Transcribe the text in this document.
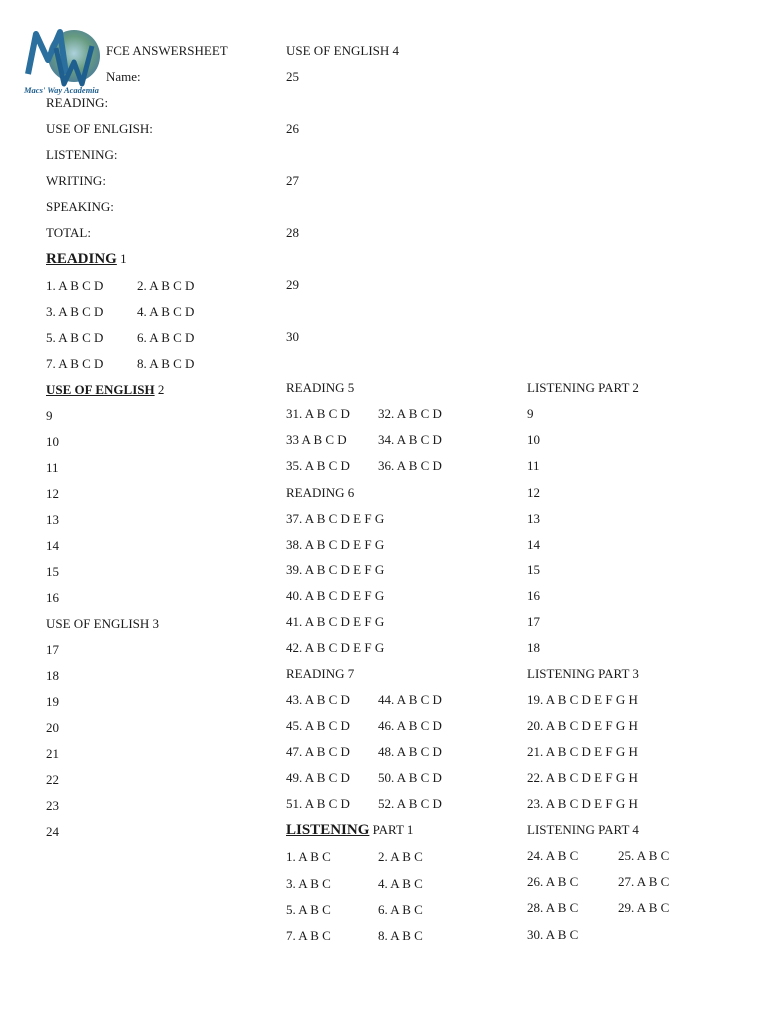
Macs' Way Academia
FCE ANSWERSHEET
Name:
READING:
USE OF ENLGISH:
LISTENING:
WRITING:
SPEAKING:
TOTAL:
READING 1
1. A B C D	2. A B C D
3. A B C D	4. A B C D
5. A B C D	6. A B C D
7. A B C D	8. A B C D
USE OF ENGLISH 2
9
10
11
12
13
14
15
16
USE OF ENGLISH 3
17
18
19
20
21
22
23
24
USE OF ENGLISH 4
25
26
27
28
29
30
READING 5
31. A B C D 32. A B C D
33 A B C D 34. A B C D
35. A B C D 36. A B C D
READING 6
37. A B C D E F G
38. A B C D E F G
39. A B C D E F G
40. A B C D E F G
41. A B C D E F G
42. A B C D E F G
READING 7
43. A B C D 44. A B C D
45. A B C D 46. A B C D
47. A B C D 48. A B C D
49. A B C D 50. A B C D
51. A B C D 52. A B C D
LISTENING PART 1
1. A B C	2. A B C
3. A B C	4. A B C
5. A B C	6. A B C
7. A B C	8. A B C
LISTENING PART 2
9
10
11
12
13
14
15
16
17
18
LISTENING PART 3
19. A B C D E F G H
20. A B C D E F G H
21. A B C D E F G H
22. A B C D E F G H
23. A B C D E F G H
LISTENING PART 4
24. A B C	25. A B C
26. A B C	27. A B C
28. A B C	29. A B C
30. A B C
